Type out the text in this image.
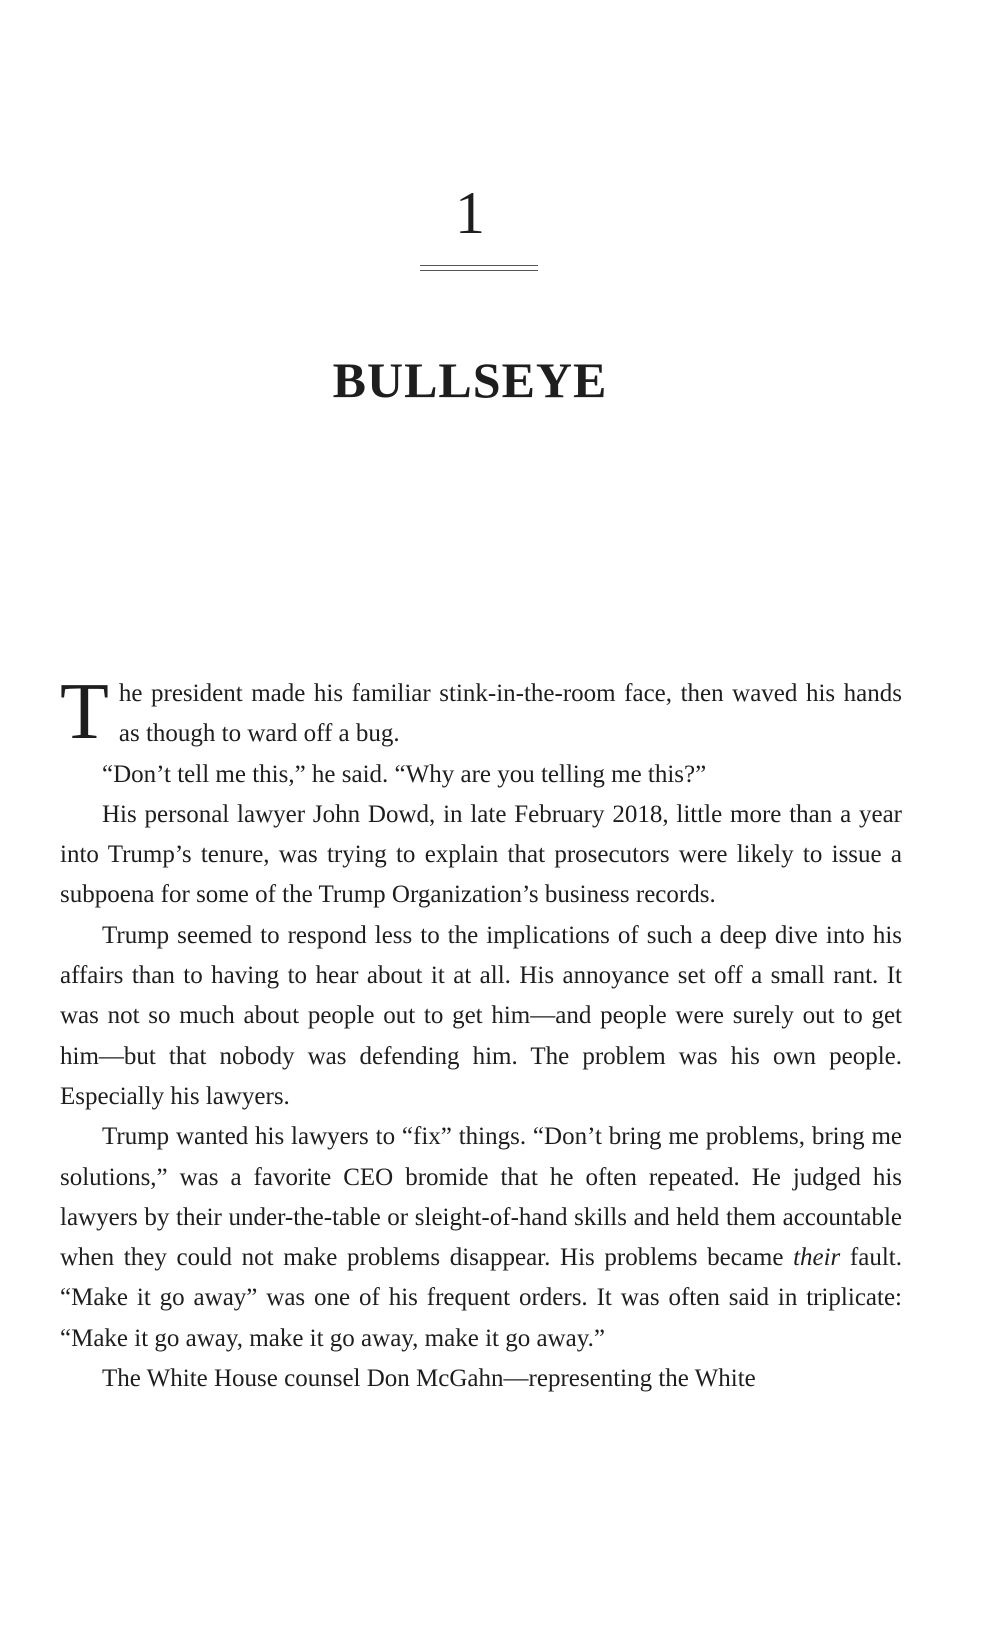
1
BULLSEYE

The president made his familiar stink-in-the-room face, then waved his hands as though to ward off a bug.

“Don’t tell me this,” he said. “Why are you telling me this?”

His personal lawyer John Dowd, in late February 2018, little more than a year into Trump’s tenure, was trying to explain that prosecutors were likely to issue a subpoena for some of the Trump Organization’s business records.

Trump seemed to respond less to the implications of such a deep dive into his affairs than to having to hear about it at all. His annoyance set off a small rant. It was not so much about people out to get him—and people were surely out to get him—but that nobody was defending him. The problem was his own people. Especially his lawyers.

Trump wanted his lawyers to “fix” things. “Don’t bring me problems, bring me solutions,” was a favorite CEO bromide that he often repeated. He judged his lawyers by their under-the-table or sleight-of-hand skills and held them accountable when they could not make problems disappear. His problems became their fault. “Make it go away” was one of his frequent orders. It was often said in triplicate: “Make it go away, make it go away, make it go away.”

The White House counsel Don McGahn—representing the White
